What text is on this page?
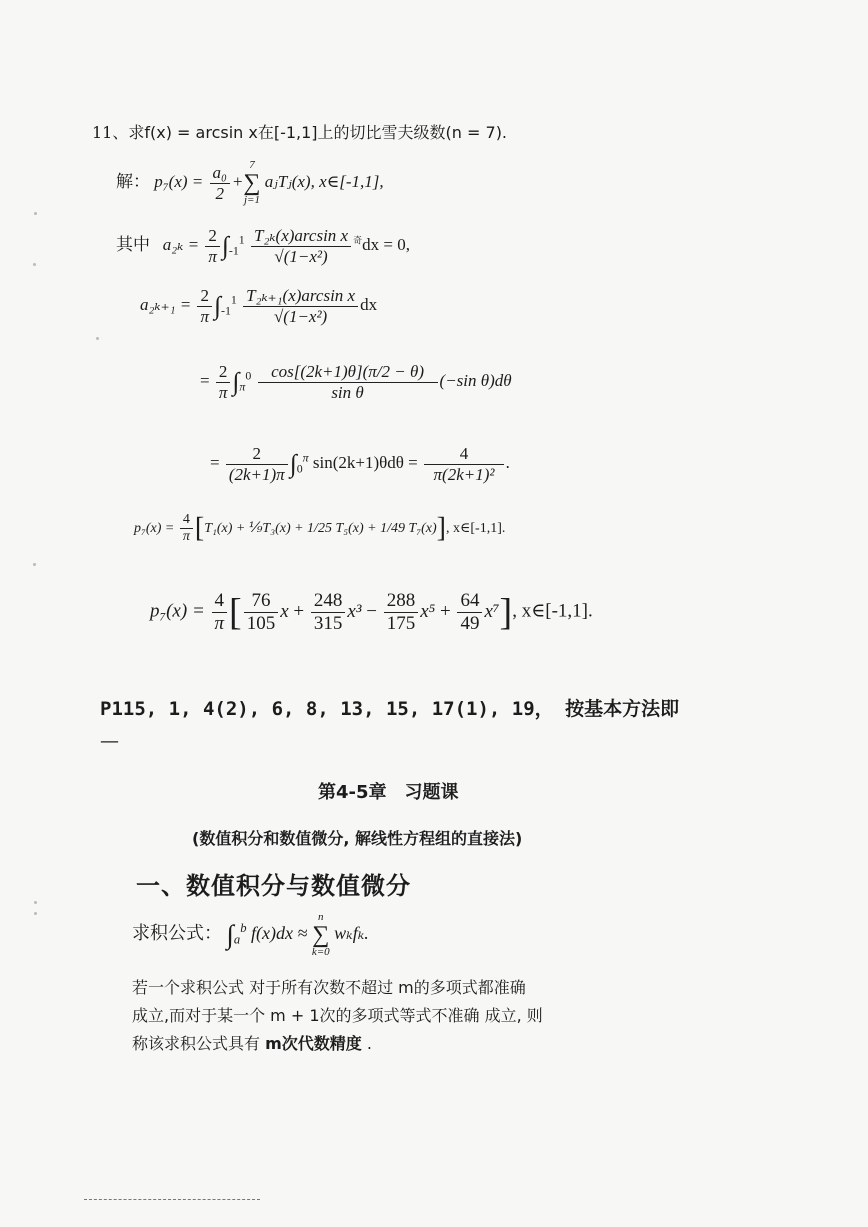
11、求f(x) = arcsin x在[-1,1]上的切比雪夫级数(n = 7).
解： $p_7(x) = \frac{\text{a₀}}{2}$ +
7
∑
j=1
aⱼTⱼ(x), x∈[-1,1],
其中 $a_{2k} = \frac{2}{\pi} \int_{-1}^1 \frac{\text{T₂ₖ(x)arcsin x}}{\text{√(1−x²)}} ^奇dx = 0$,
$a_{2k+1} = \frac{2}{\pi} \int_{-1}^1 \frac{\text{T₂ₖ₊₁(x)arcsin x}}{\text{√(1−x²)}}$ dx
= $\frac{2}{\pi} \int_\pi^0 \frac{\cos[(2k+1)\theta](\pi/2 - \theta)}{\text{sin θ}} (-\sin$ θ)dθ
= $\frac{2}{(2k+1)\pi} \int_0^\pi$ $\sin(2k+1)\theta d\theta = \frac{4}{\text{π(2k+1)²}}$ .
$p_7(x) = \frac{4}{\pi} [T_1(x)$ + ⅑T₃(x) + 1/25 T₅(x) + 1/49 T₇(x)], x∈[-1,1].
$p_7(x) = \frac{4}{\pi}$ [ $\frac{76}{105}$ $x + \frac{248}{315} x^3 - \frac{288}{175} x^5 + \frac{64}{49} x^7$], x∈[-1,1].
P115, 1, 4(2), 6, 8, 13, 15, 17(1), 19， 按基本方法即
—
第4-5章　习题课
(数值积分和数值微分, 解线性方程组的直接法)
一、数值积分与数值微分
求积公式： $\int_a^b$ f(x)dx ≈
n
∑
k=0
wₖfₖ.
若一个求积公式 对于所有次数不超过 m的多项式都准确
成立,而对于某一个 m + 1次的多项式等式不准确 成立, 则
称该求积公式具有 m次代数精度 .
